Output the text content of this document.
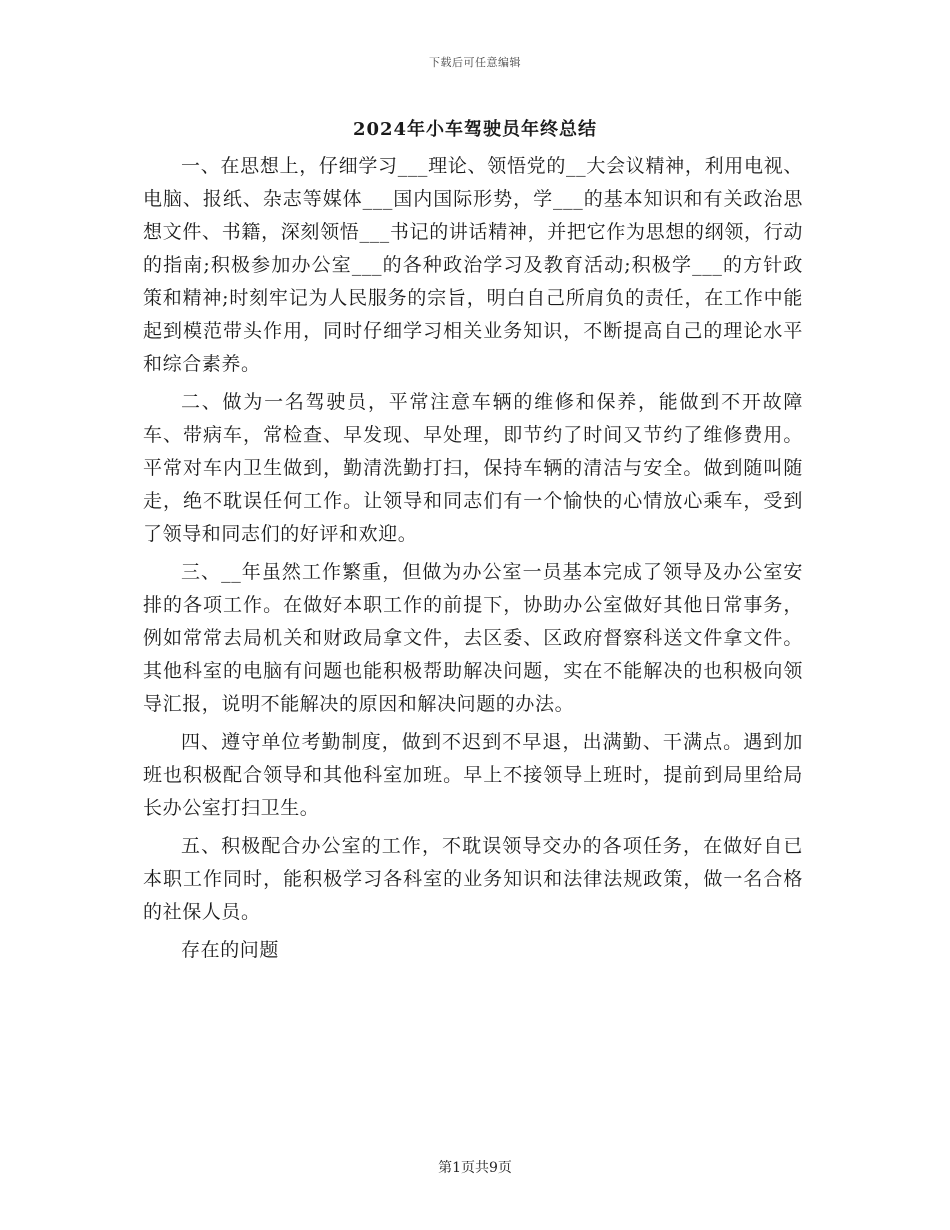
下载后可任意编辑
2024年小车驾驶员年终总结

一、在思想上，仔细学习___理论、领悟党的__大会议精神，利用电视、电脑、报纸、杂志等媒体___国内国际形势，学___的基本知识和有关政治思想文件、书籍，深刻领悟___书记的讲话精神，并把它作为思想的纲领，行动的指南;积极参加办公室___的各种政治学习及教育活动;积极学___的方针政策和精神;时刻牢记为人民服务的宗旨，明白自己所肩负的责任，在工作中能起到模范带头作用，同时仔细学习相关业务知识，不断提高自己的理论水平和综合素养。

二、做为一名驾驶员，平常注意车辆的维修和保养，能做到不开故障车、带病车，常检查、早发现、早处理，即节约了时间又节约了维修费用。平常对车内卫生做到，勤清洗勤打扫，保持车辆的清洁与安全。做到随叫随走，绝不耽误任何工作。让领导和同志们有一个愉快的心情放心乘车，受到了领导和同志们的好评和欢迎。

三、__年虽然工作繁重，但做为办公室一员基本完成了领导及办公室安排的各项工作。在做好本职工作的前提下，协助办公室做好其他日常事务，例如常常去局机关和财政局拿文件，去区委、区政府督察科送文件拿文件。其他科室的电脑有问题也能积极帮助解决问题，实在不能解决的也积极向领导汇报，说明不能解决的原因和解决问题的办法。

四、遵守单位考勤制度，做到不迟到不早退，出满勤、干满点。遇到加班也积极配合领导和其他科室加班。早上不接领导上班时，提前到局里给局长办公室打扫卫生。

五、积极配合办公室的工作，不耽误领导交办的各项任务，在做好自已本职工作同时，能积极学习各科室的业务知识和法律法规政策，做一名合格的社保人员。

存在的问题

第1页共9页
